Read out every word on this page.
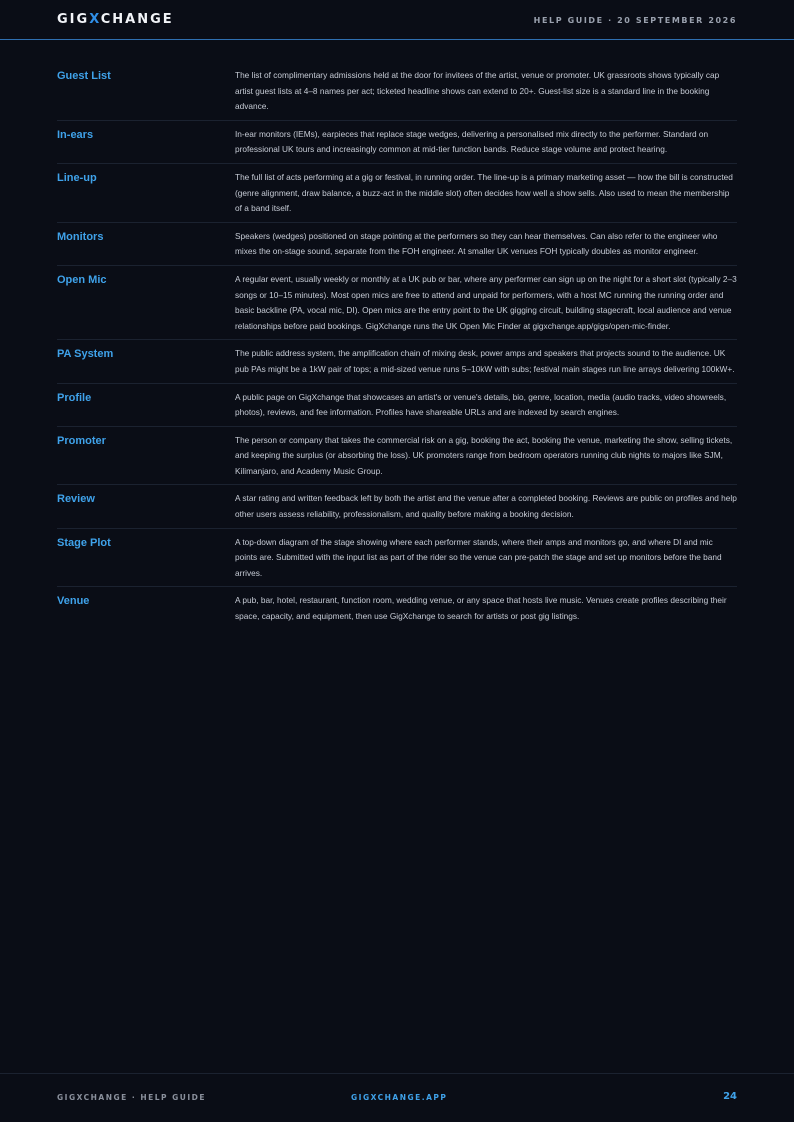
GIGXCHANGE	HELP GUIDE · 20 SEPTEMBER 2026
Guest List	The list of complimentary admissions held at the door for invitees of the artist, venue or promoter. UK grassroots shows typically cap artist guest lists at 4–8 names per act; ticketed headline shows can extend to 20+. Guest-list size is a standard line in the booking advance.
In-ears	In-ear monitors (IEMs), earpieces that replace stage wedges, delivering a personalised mix directly to the performer. Standard on professional UK tours and increasingly common at mid-tier function bands. Reduce stage volume and protect hearing.
Line-up	The full list of acts performing at a gig or festival, in running order. The line-up is a primary marketing asset — how the bill is constructed (genre alignment, draw balance, a buzz-act in the middle slot) often decides how well a show sells. Also used to mean the membership of a band itself.
Monitors	Speakers (wedges) positioned on stage pointing at the performers so they can hear themselves. Can also refer to the engineer who mixes the on-stage sound, separate from the FOH engineer. At smaller UK venues FOH typically doubles as monitor engineer.
Open Mic	A regular event, usually weekly or monthly at a UK pub or bar, where any performer can sign up on the night for a short slot (typically 2–3 songs or 10–15 minutes). Most open mics are free to attend and unpaid for performers, with a host MC running the running order and basic backline (PA, vocal mic, DI). Open mics are the entry point to the UK gigging circuit, building stagecraft, local audience and venue relationships before paid bookings. GigXchange runs the UK Open Mic Finder at gigxchange.app/gigs/open-mic-finder.
PA System	The public address system, the amplification chain of mixing desk, power amps and speakers that projects sound to the audience. UK pub PAs might be a 1kW pair of tops; a mid-sized venue runs 5–10kW with subs; festival main stages run line arrays delivering 100kW+.
Profile	A public page on GigXchange that showcases an artist's or venue's details, bio, genre, location, media (audio tracks, video showreels, photos), reviews, and fee information. Profiles have shareable URLs and are indexed by search engines.
Promoter	The person or company that takes the commercial risk on a gig, booking the act, booking the venue, marketing the show, selling tickets, and keeping the surplus (or absorbing the loss). UK promoters range from bedroom operators running club nights to majors like SJM, Kilimanjaro, and Academy Music Group.
Review	A star rating and written feedback left by both the artist and the venue after a completed booking. Reviews are public on profiles and help other users assess reliability, professionalism, and quality before making a booking decision.
Stage Plot	A top-down diagram of the stage showing where each performer stands, where their amps and monitors go, and where DI and mic points are. Submitted with the input list as part of the rider so the venue can pre-patch the stage and set up monitors before the band arrives.
Venue	A pub, bar, hotel, restaurant, function room, wedding venue, or any space that hosts live music. Venues create profiles describing their space, capacity, and equipment, then use GigXchange to search for artists or post gig listings.
GIGXCHANGE · HELP GUIDE	GIGXCHANGE.APP	24
